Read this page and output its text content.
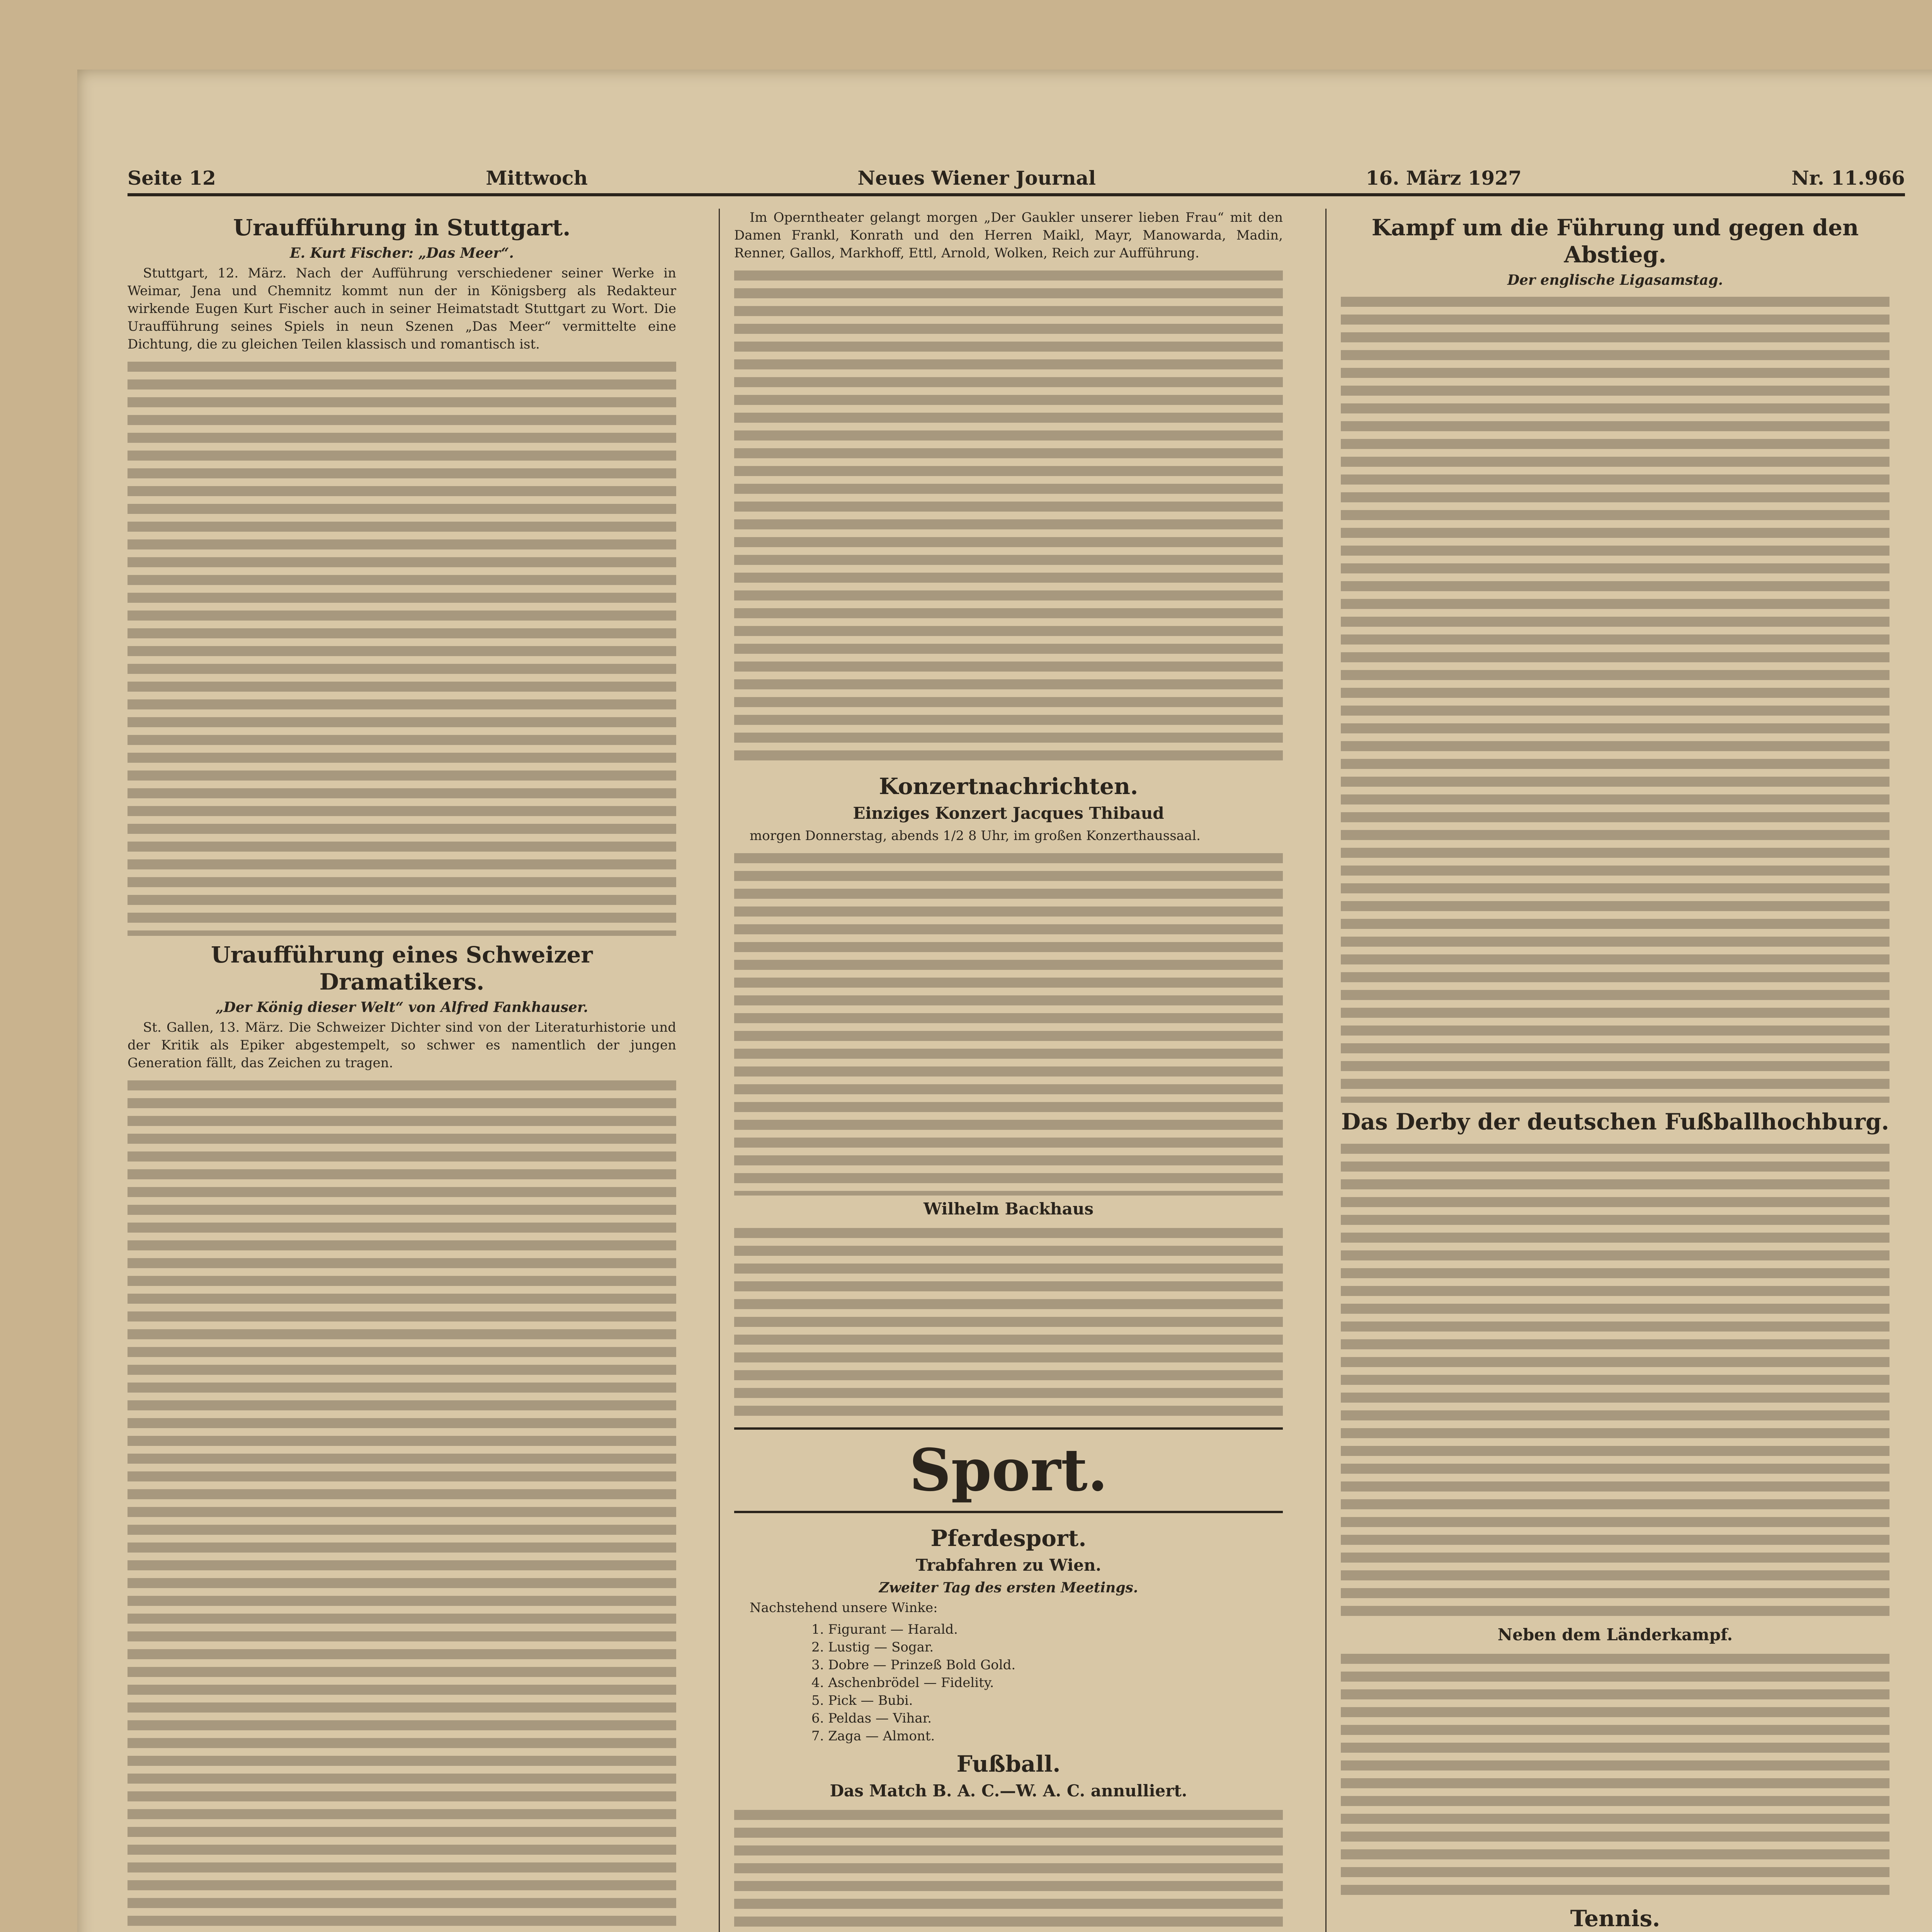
Seite 12	Mittwoch	Neues Wiener Journal	16. März 1927	Nr. 11.966
Uraufführung in Stuttgart.
E. Kurt Fischer: „Das Meer“.

Stuttgart, 12. März. Nach der Aufführung verschiedener seiner Werke in Weimar, Jena und Chemnitz kommt nun der in Königsberg als Redakteur wirkende Eugen Kurt Fischer auch in seiner Heimatstadt Stuttgart zu Wort. Die Uraufführung seines Spiels in neun Szenen „Das Meer“ vermittelte eine Dichtung, die zu gleichen Teilen klassisch und romantisch ist.

Uraufführung eines Schweizer Dramatikers.
„Der König dieser Welt“ von Alfred Fankhauser.

St. Gallen, 13. März. Die Schweizer Dichter sind von der Literaturhistorie und der Kritik als Epiker abgestempelt, so schwer es namentlich der jungen Generation fällt, das Zeichen zu tragen.

Im Operntheater gelangt morgen „Der Gaukler unserer lieben Frau“ mit den Damen Frankl, Konrath und den Herren Maikl, Mayr, Manowarda, Madin, Renner, Gallos, Markhoff, Ettl, Arnold, Wolken, Reich zur Aufführung.

Konzertnachrichten.
Einziges Konzert Jacques Thibaud

morgen Donnerstag, abends 1/2 8 Uhr, im großen Konzerthaussaal.

Wilhelm Backhaus
Sport.
Pferdesport.
Trabfahren zu Wien.
Zweiter Tag des ersten Meetings.

Nachstehend unsere Winke:

1. Figurant — Harald.
2. Lustig — Sogar.
3. Dobre — Prinzeß Bold Gold.
4. Aschenbrödel — Fidelity.
5. Pick — Bubi.
6. Peldas — Vihar.
7. Zaga — Almont.
Fußball.
Das Match B. A. C.—W. A. C. annulliert.
Kampf um die Führung und gegen den Abstieg.
Der englische Ligasamstag.
Das Derby der deutschen Fußballhochburg.
Neben dem Länderkampf.
Tennis.
